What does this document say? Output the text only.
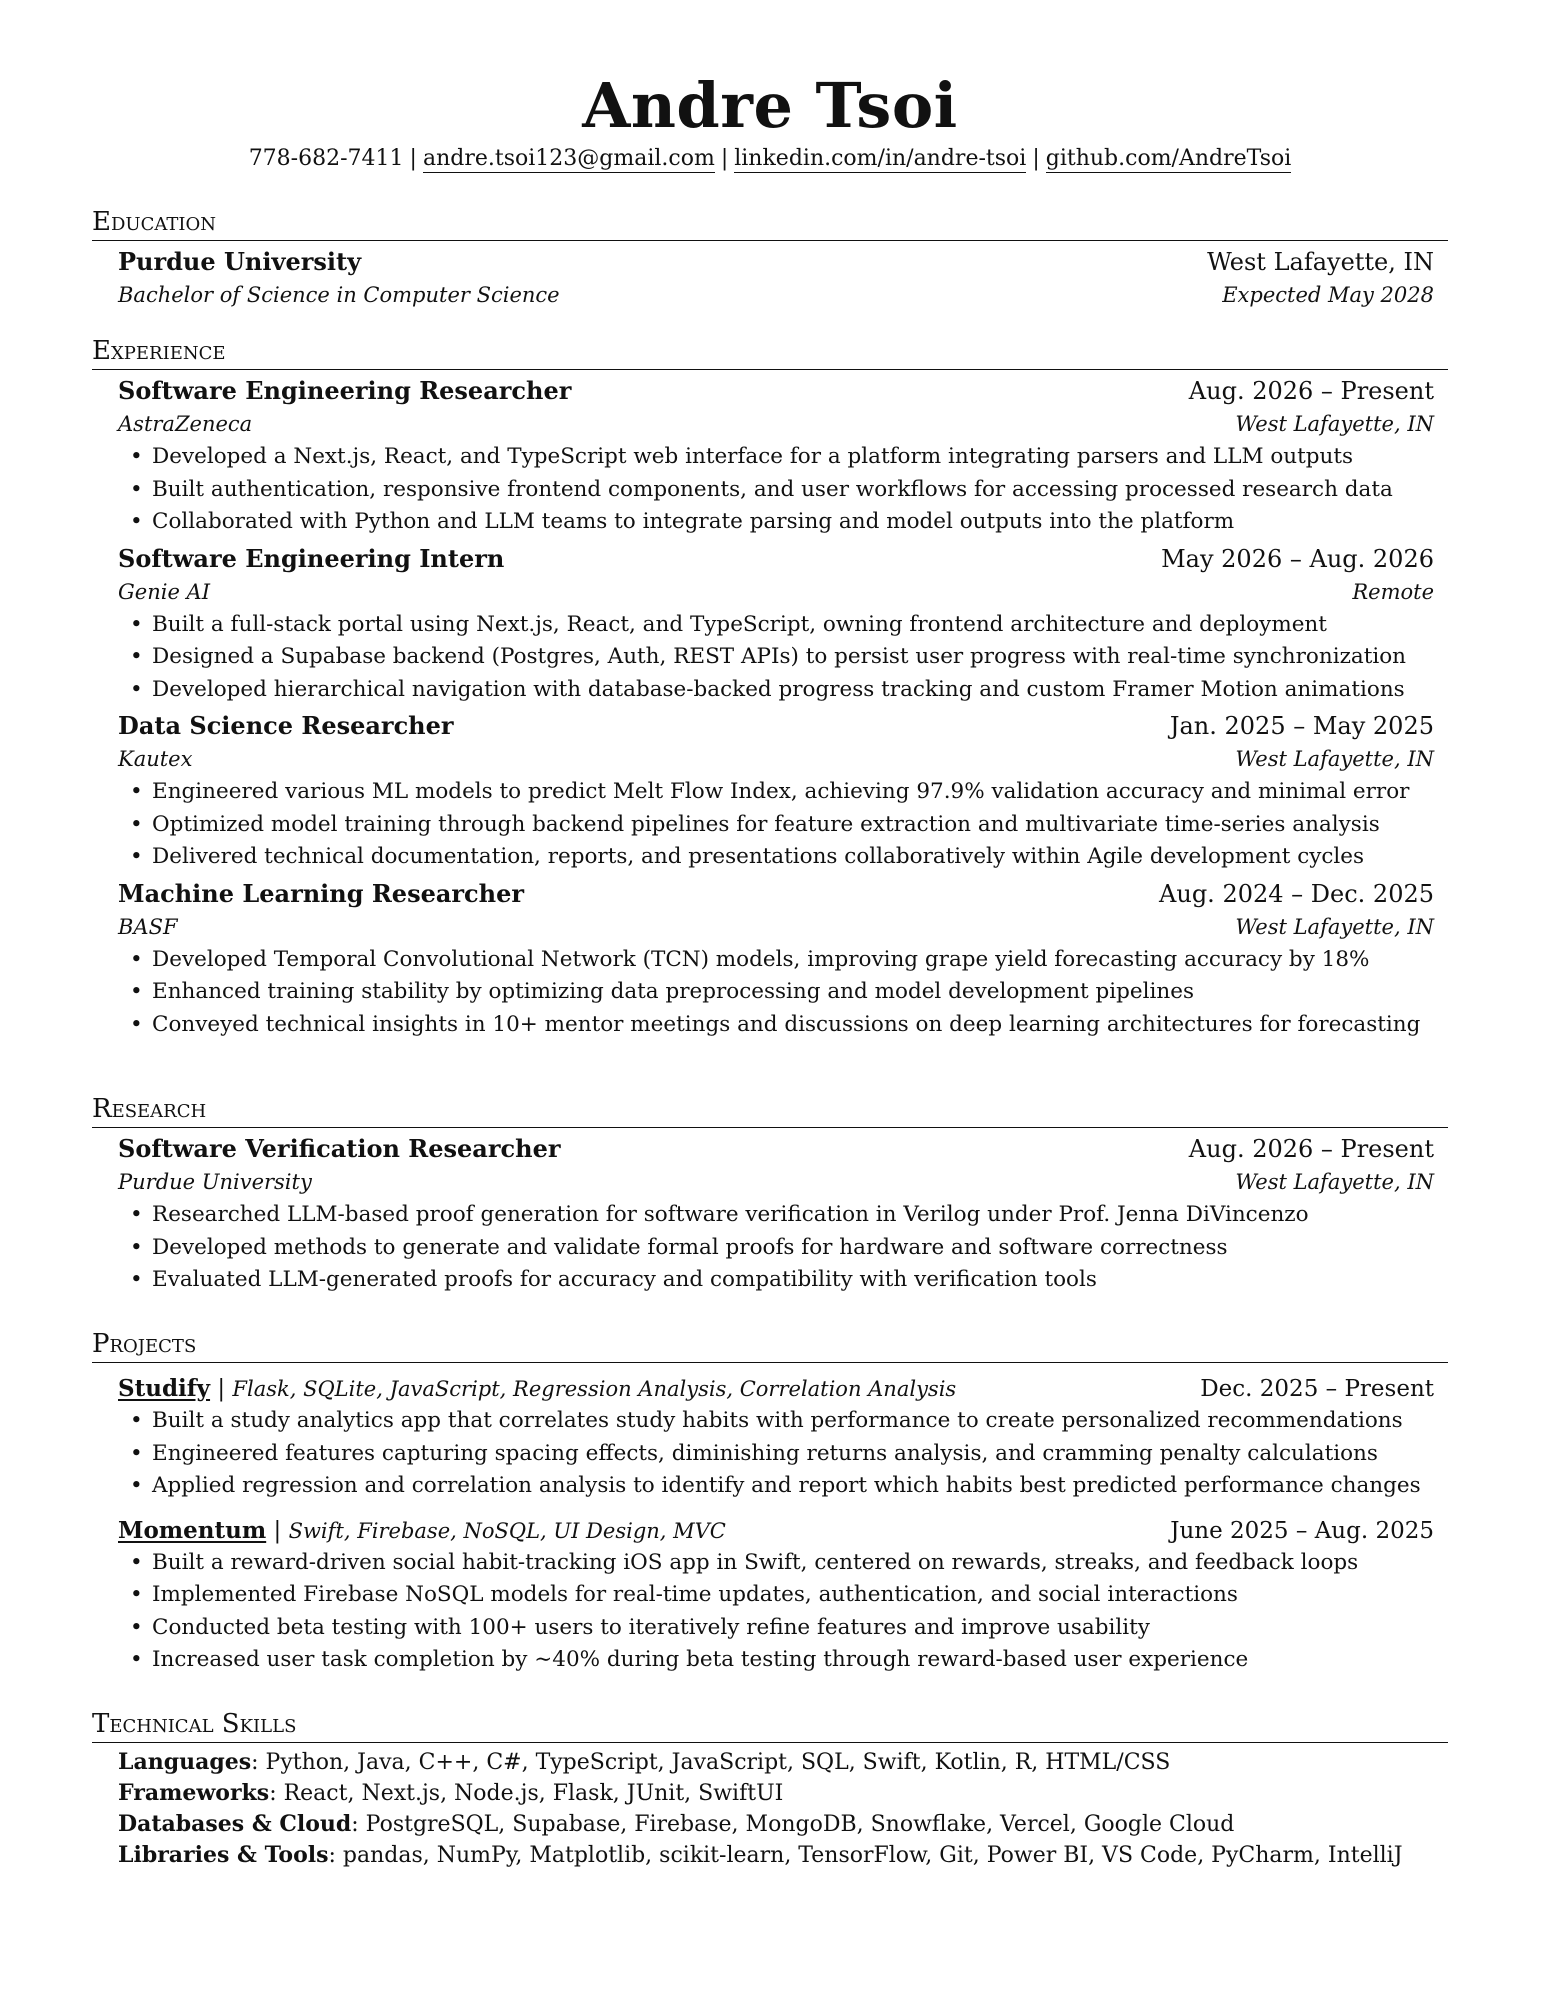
Andre Tsoi
778-682-7411 | andre.tsoi123@gmail.com | linkedin.com/in/andre-tsoi | github.com/AndreTsoi
Education
Purdue University	West Lafayette, IN
Bachelor of Science in Computer Science	Expected May 2028
Experience
Software Engineering Researcher	Aug. 2026 – Present
AstraZeneca	West Lafayette, IN
• Developed a Next.js, React, and TypeScript web interface for a platform integrating parsers and LLM outputs
• Built authentication, responsive frontend components, and user workflows for accessing processed research data
• Collaborated with Python and LLM teams to integrate parsing and model outputs into the platform
Software Engineering Intern	May 2026 – Aug. 2026
Genie AI	Remote
• Built a full-stack portal using Next.js, React, and TypeScript, owning frontend architecture and deployment
• Designed a Supabase backend (Postgres, Auth, REST APIs) to persist user progress with real-time synchronization
• Developed hierarchical navigation with database-backed progress tracking and custom Framer Motion animations
Data Science Researcher	Jan. 2025 – May 2025
Kautex	West Lafayette, IN
• Engineered various ML models to predict Melt Flow Index, achieving 97.9% validation accuracy and minimal error
• Optimized model training through backend pipelines for feature extraction and multivariate time-series analysis
• Delivered technical documentation, reports, and presentations collaboratively within Agile development cycles
Machine Learning Researcher	Aug. 2024 – Dec. 2025
BASF	West Lafayette, IN
• Developed Temporal Convolutional Network (TCN) models, improving grape yield forecasting accuracy by 18%
• Enhanced training stability by optimizing data preprocessing and model development pipelines
• Conveyed technical insights in 10+ mentor meetings and discussions on deep learning architectures for forecasting
Research
Software Verification Researcher	Aug. 2026 – Present
Purdue University	West Lafayette, IN
• Researched LLM-based proof generation for software verification in Verilog under Prof. Jenna DiVincenzo
• Developed methods to generate and validate formal proofs for hardware and software correctness
• Evaluated LLM-generated proofs for accuracy and compatibility with verification tools
Projects
Studify | Flask, SQLite, JavaScript, Regression Analysis, Correlation Analysis	Dec. 2025 – Present
• Built a study analytics app that correlates study habits with performance to create personalized recommendations
• Engineered features capturing spacing effects, diminishing returns analysis, and cramming penalty calculations
• Applied regression and correlation analysis to identify and report which habits best predicted performance changes
Momentum | Swift, Firebase, NoSQL, UI Design, MVC	June 2025 – Aug. 2025
• Built a reward-driven social habit-tracking iOS app in Swift, centered on rewards, streaks, and feedback loops
• Implemented Firebase NoSQL models for real-time updates, authentication, and social interactions
• Conducted beta testing with 100+ users to iteratively refine features and improve usability
• Increased user task completion by ∼40% during beta testing through reward-based user experience
Technical Skills
Languages: Python, Java, C++, C#, TypeScript, JavaScript, SQL, Swift, Kotlin, R, HTML/CSS
Frameworks: React, Next.js, Node.js, Flask, JUnit, SwiftUI
Databases & Cloud: PostgreSQL, Supabase, Firebase, MongoDB, Snowflake, Vercel, Google Cloud
Libraries & Tools: pandas, NumPy, Matplotlib, scikit-learn, TensorFlow, Git, Power BI, VS Code, PyCharm, IntelliJ
